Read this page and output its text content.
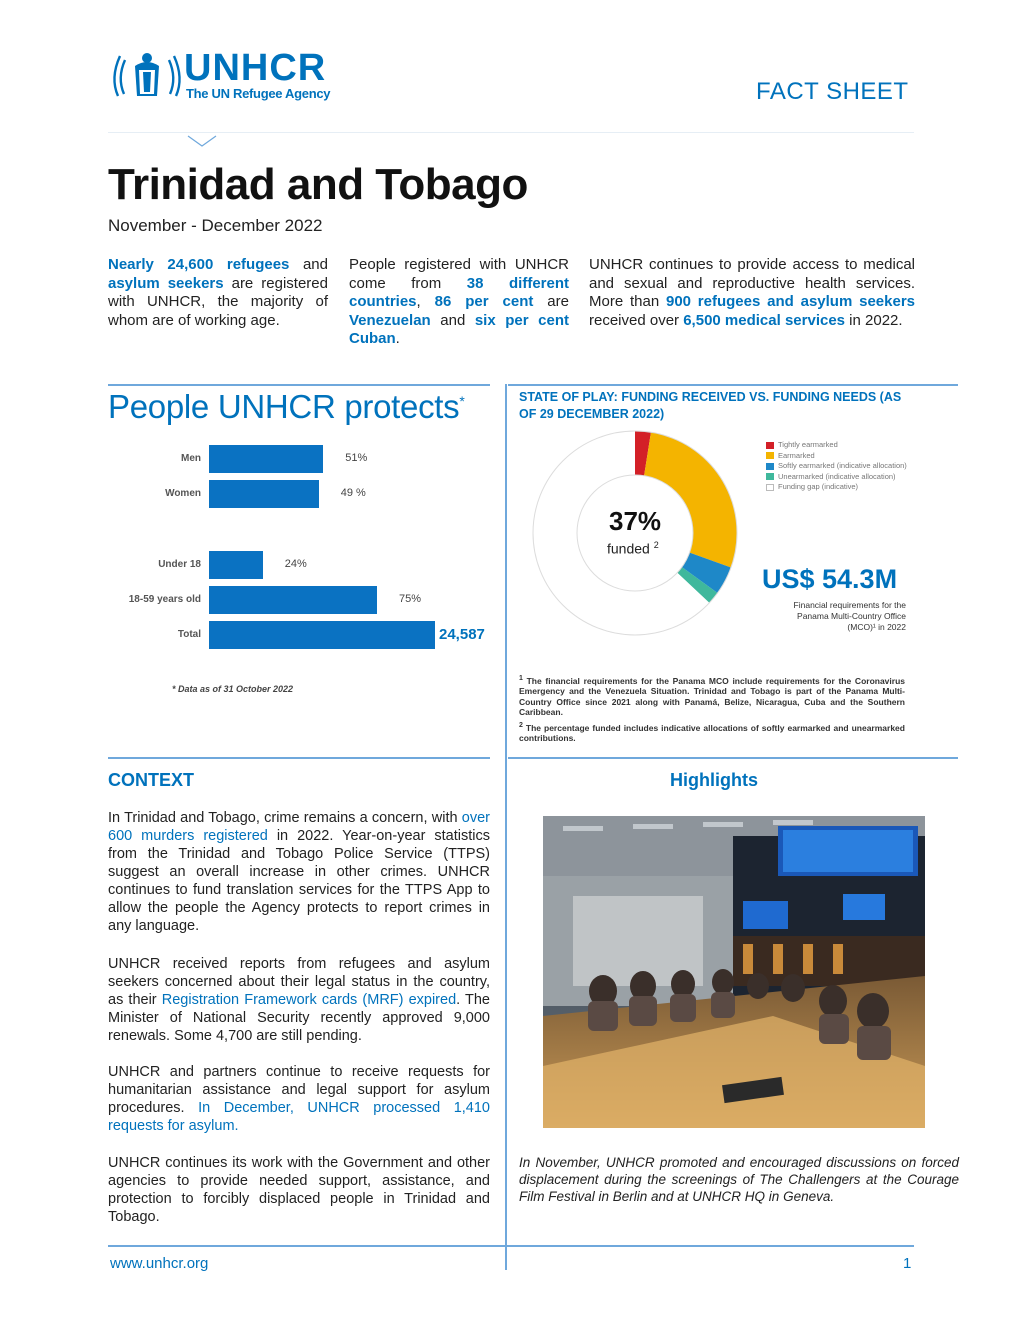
UNHCR
The UN Refugee Agency	FACT SHEET
Trinidad and Tobago
November - December 2022
Nearly 24,600 refugees and asylum seekers are registered with UNHCR, the majority of whom are of working age.
People registered with UNHCR come from 38 different countries, 86 per cent are Venezuelan and six per cent Cuban.
UNHCR continues to provide access to medical and sexual and reproductive health services. More than 900 refugees and asylum seekers received over 6,500 medical services in 2022.
People UNHCR protects*
* Data as of 31 October 2022
STATE OF PLAY: FUNDING RECEIVED VS. FUNDING NEEDS (AS OF 29 DECEMBER 2022)
37%
funded $^2$
US$ 54.3M
Financial requirements for the Panama Multi-Country Office (MCO)¹ in 2022
$^1$ The financial requirements for the Panama MCO include requirements for the Coronavirus Emergency and the Venezuela Situation. Trinidad and Tobago is part of the Panama Multi-Country Office since 2021 along with Panamá, Belize, Nicaragua, Cuba and the Southern Caribbean.
$^2$ The percentage funded includes indicative allocations of softly earmarked and unearmarked contributions.
CONTEXT
In Trinidad and Tobago, crime remains a concern, with over 600 murders registered in 2022. Year-on-year statistics from the Trinidad and Tobago Police Service (TTPS) suggest an overall increase in other crimes. UNHCR continues to fund translation services for the TTPS App to allow the people the Agency protects to report crimes in any language.
UNHCR received reports from refugees and asylum seekers concerned about their legal status in the country, as their Registration Framework cards (MRF) expired. The Minister of National Security recently approved 9,000 renewals. Some 4,700 are still pending.
UNHCR and partners continue to receive requests for humanitarian assistance and legal support for asylum procedures. In December, UNHCR processed 1,410 requests for asylum.
UNHCR continues its work with the Government and other agencies to provide needed support, assistance, and protection to forcibly displaced people in Trinidad and Tobago.
Highlights
In November, UNHCR promoted and encouraged discussions on forced displacement during the screenings of The Challengers at the Courage Film Festival in Berlin and at UNHCR HQ in Geneva.
www.unhcr.org	1
Men	51%
Women	49 %
Under 18	24%
18-59 years old	75%
Total	24,587
Tightly earmarked
Earmarked
Softly earmarked (indicative allocation)
Unearmarked (indicative allocation)
Funding gap (indicative)
